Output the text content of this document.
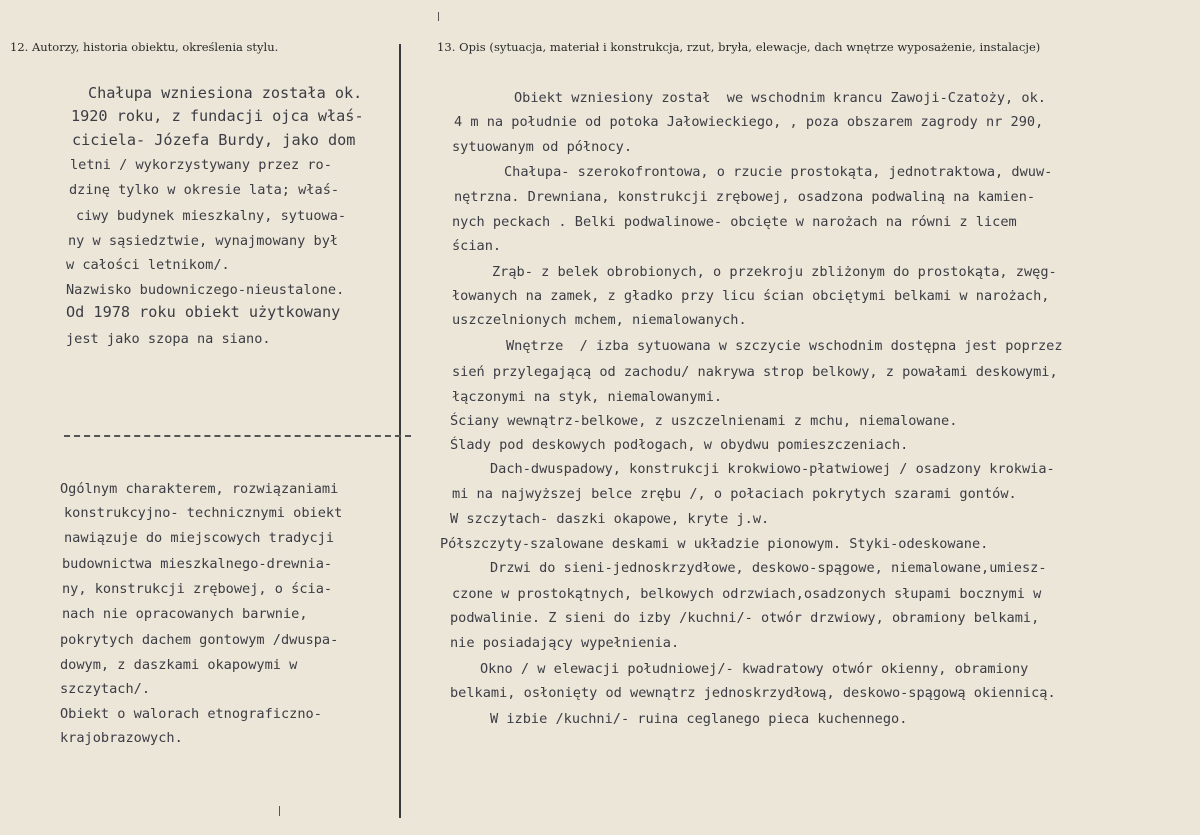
12. Autorzy, historia obiektu, określenia stylu.	13. Opis (sytuacja, materiał i konstrukcja, rzut, bryła, elewacje, dach wnętrze wyposażenie, instalacje)

Chałupa wzniesiona została ok.

1920 roku, z fundacji ojca właś-

ciciela- Józefa Burdy, jako dom

letni / wykorzystywany przez ro-

dzinę tylko w okresie lata; właś-

ciwy budynek mieszkalny, sytuowa-

ny w sąsiedztwie, wynajmowany był

w całości letnikom/.

Nazwisko budowniczego-nieustalone.

Od 1978 roku obiekt użytkowany

jest jako szopa na siano.

Ogólnym charakterem, rozwiązaniami

konstrukcyjno- technicznymi obiekt

nawiązuje do miejscowych tradycji

budownictwa mieszkalnego-drewnia-

ny, konstrukcji zrębowej, o ścia-

nach nie opracowanych barwnie,

pokrytych dachem gontowym /dwuspa-

dowym, z daszkami okapowymi w

szczytach/.

Obiekt o walorach etnograficzno-

krajobrazowych.

Obiekt wzniesiony został  we wschodnim krancu Zawoji-Czatoży, ok.

4 m na południe od potoka Jałowieckiego, , poza obszarem zagrody nr 290,

sytuowanym od północy.

Chałupa- szerokofrontowa, o rzucie prostokąta, jednotraktowa, dwuw-

nętrzna. Drewniana, konstrukcji zrębowej, osadzona podwaliną na kamien-

nych peckach . Belki podwalinowe- obcięte w narożach na równi z licem

ścian.

Zrąb- z belek obrobionych, o przekroju zbliżonym do prostokąta, zwęg-

łowanych na zamek, z gładko przy licu ścian obciętymi belkami w narożach,

uszczelnionych mchem, niemalowanych.

Wnętrze  / izba sytuowana w szczycie wschodnim dostępna jest poprzez

sień przylegającą od zachodu/ nakrywa strop belkowy, z powałami deskowymi,

łączonymi na styk, niemalowanymi.

Ściany wewnątrz-belkowe, z uszczelnienami z mchu, niemalowane.

Ślady pod deskowych podłogach, w obydwu pomieszczeniach.

Dach-dwuspadowy, konstrukcji krokwiowo-płatwiowej / osadzony krokwia-

mi na najwyższej belce zrębu /, o połaciach pokrytych szarami gontów.

W szczytach- daszki okapowe, kryte j.w.

Półszczyty-szalowane deskami w układzie pionowym. Styki-odeskowane.

Drzwi do sieni-jednoskrzydłowe, deskowo-spągowe, niemalowane,umiesz-

czone w prostokątnych, belkowych odrzwiach,osadzonych słupami bocznymi w

podwalinie. Z sieni do izby /kuchni/- otwór drzwiowy, obramiony belkami,

nie posiadający wypełnienia.

Okno / w elewacji południowej/- kwadratowy otwór okienny, obramiony

belkami, osłonięty od wewnątrz jednoskrzydłową, deskowo-spągową okiennicą.

W izbie /kuchni/- ruina ceglanego pieca kuchennego.
